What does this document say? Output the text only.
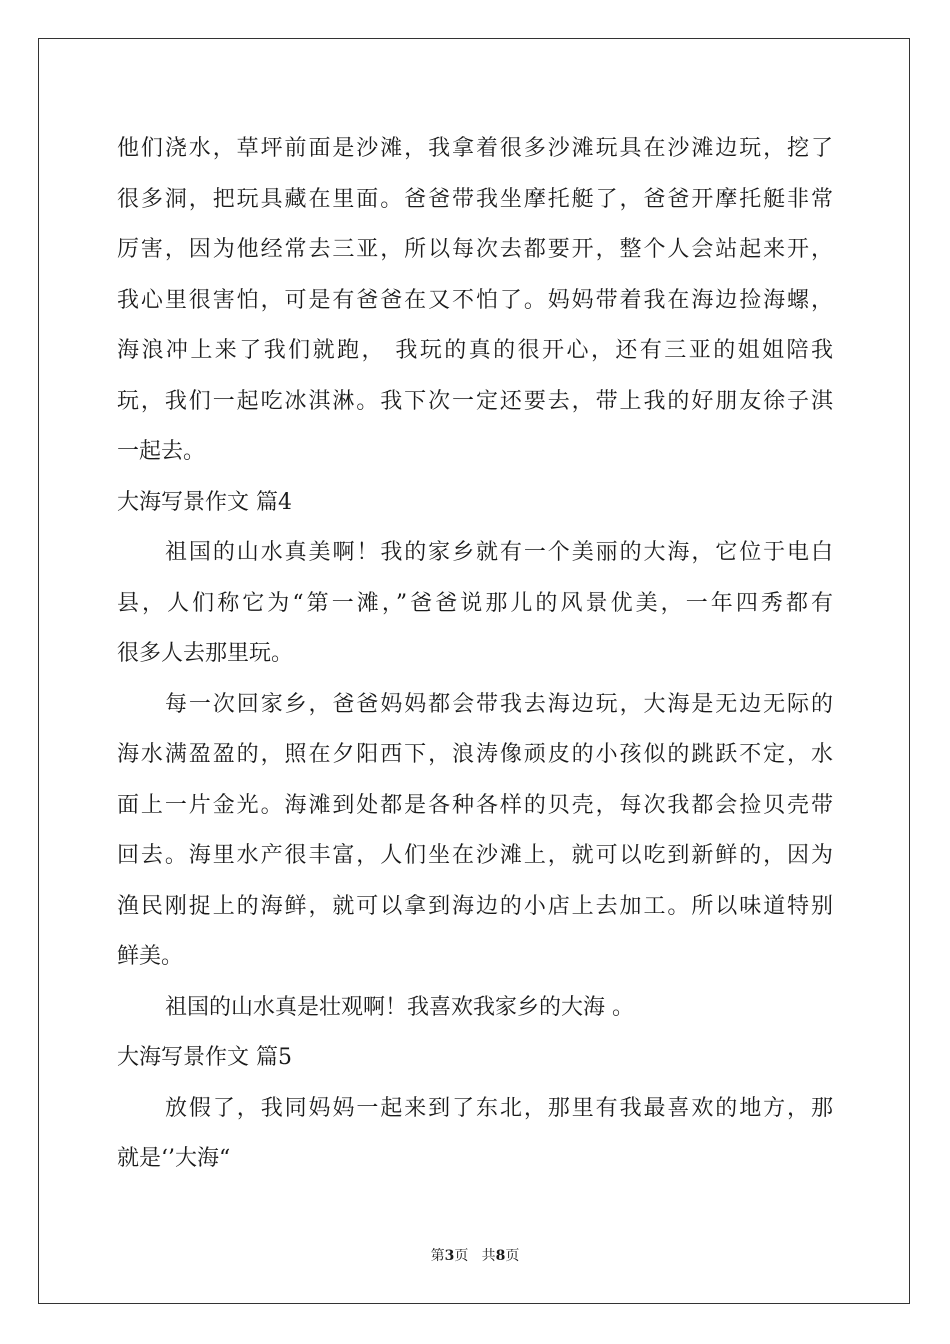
他们浇水，草坪前面是沙滩，我拿着很多沙滩玩具在沙滩边玩，挖了
很多洞，把玩具藏在里面。爸爸带我坐摩托艇了，爸爸开摩托艇非常
厉害，因为他经常去三亚，所以每次去都要开，整个人会站起来开，
我心里很害怕，可是有爸爸在又不怕了。妈妈带着我在海边捡海螺，
海浪冲上来了我们就跑， 我玩的真的很开心，还有三亚的姐姐陪我
玩，我们一起吃冰淇淋。我下次一定还要去，带上我的好朋友徐子淇
一起去。
大海写景作文 篇4
祖国的山水真美啊！我的家乡就有一个美丽的大海，它位于电白
县，人们称它为“第一滩，”爸爸说那儿的风景优美，一年四秀都有
很多人去那里玩。
每一次回家乡，爸爸妈妈都会带我去海边玩，大海是无边无际的
海水满盈盈的，照在夕阳西下，浪涛像顽皮的小孩似的跳跃不定，水
面上一片金光。海滩到处都是各种各样的贝壳，每次我都会捡贝壳带
回去。海里水产很丰富，人们坐在沙滩上，就可以吃到新鲜的，因为
渔民刚捉上的海鲜，就可以拿到海边的小店上去加工。所以味道特别
鲜美。
祖国的山水真是壮观啊！我喜欢我家乡的大海 。
大海写景作文 篇5
放假了，我同妈妈一起来到了东北，那里有我最喜欢的地方，那
就是‘’大海“
第3页 共8页
